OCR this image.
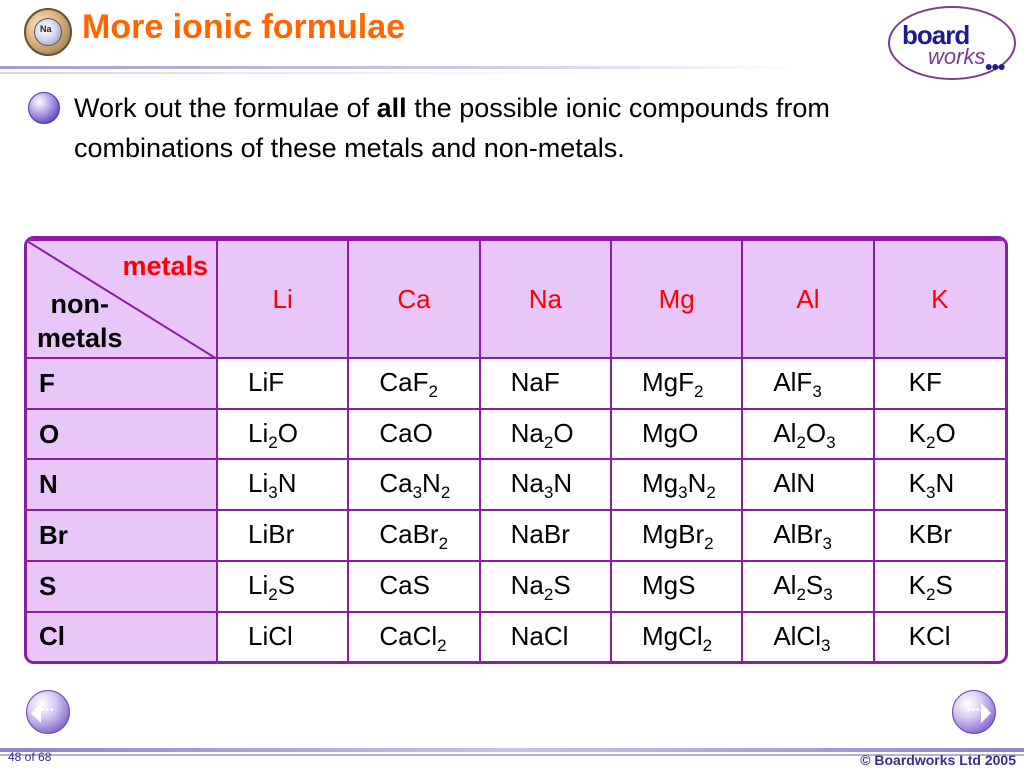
Na More ionic formulae	board
works ●●●
Work out the formulae of all the possible ionic compounds from combinations of these metals and non-metals.
metals
non-
metals	Li	Ca	Na	Mg	Al	K
F	LiF	CaF$_2$	NaF	MgF$_2$	AlF$_3$	KF
O	$Li_2O$	CaO	$Na_2O$	MgO	$Al_2O_3$	$K_2O$
N	$Li_3N$	$Ca_3N_2$	$Na_3N$	$Mg_3N_2$	AlN	$K_3N$
Br	LiBr	CaBr$_2$	NaBr	MgBr$_2$	AlBr$_3$	KBr
S	$Li_2S$	CaS	$Na_2S$	MgS	$Al_2S_3$	$K_2S$
Cl	LiCl	CaCl$_2$	NaCl	MgCl$_2$	AlCl$_3$	KCl
•••	•••
48 of 68	© Boardworks Ltd 2005
